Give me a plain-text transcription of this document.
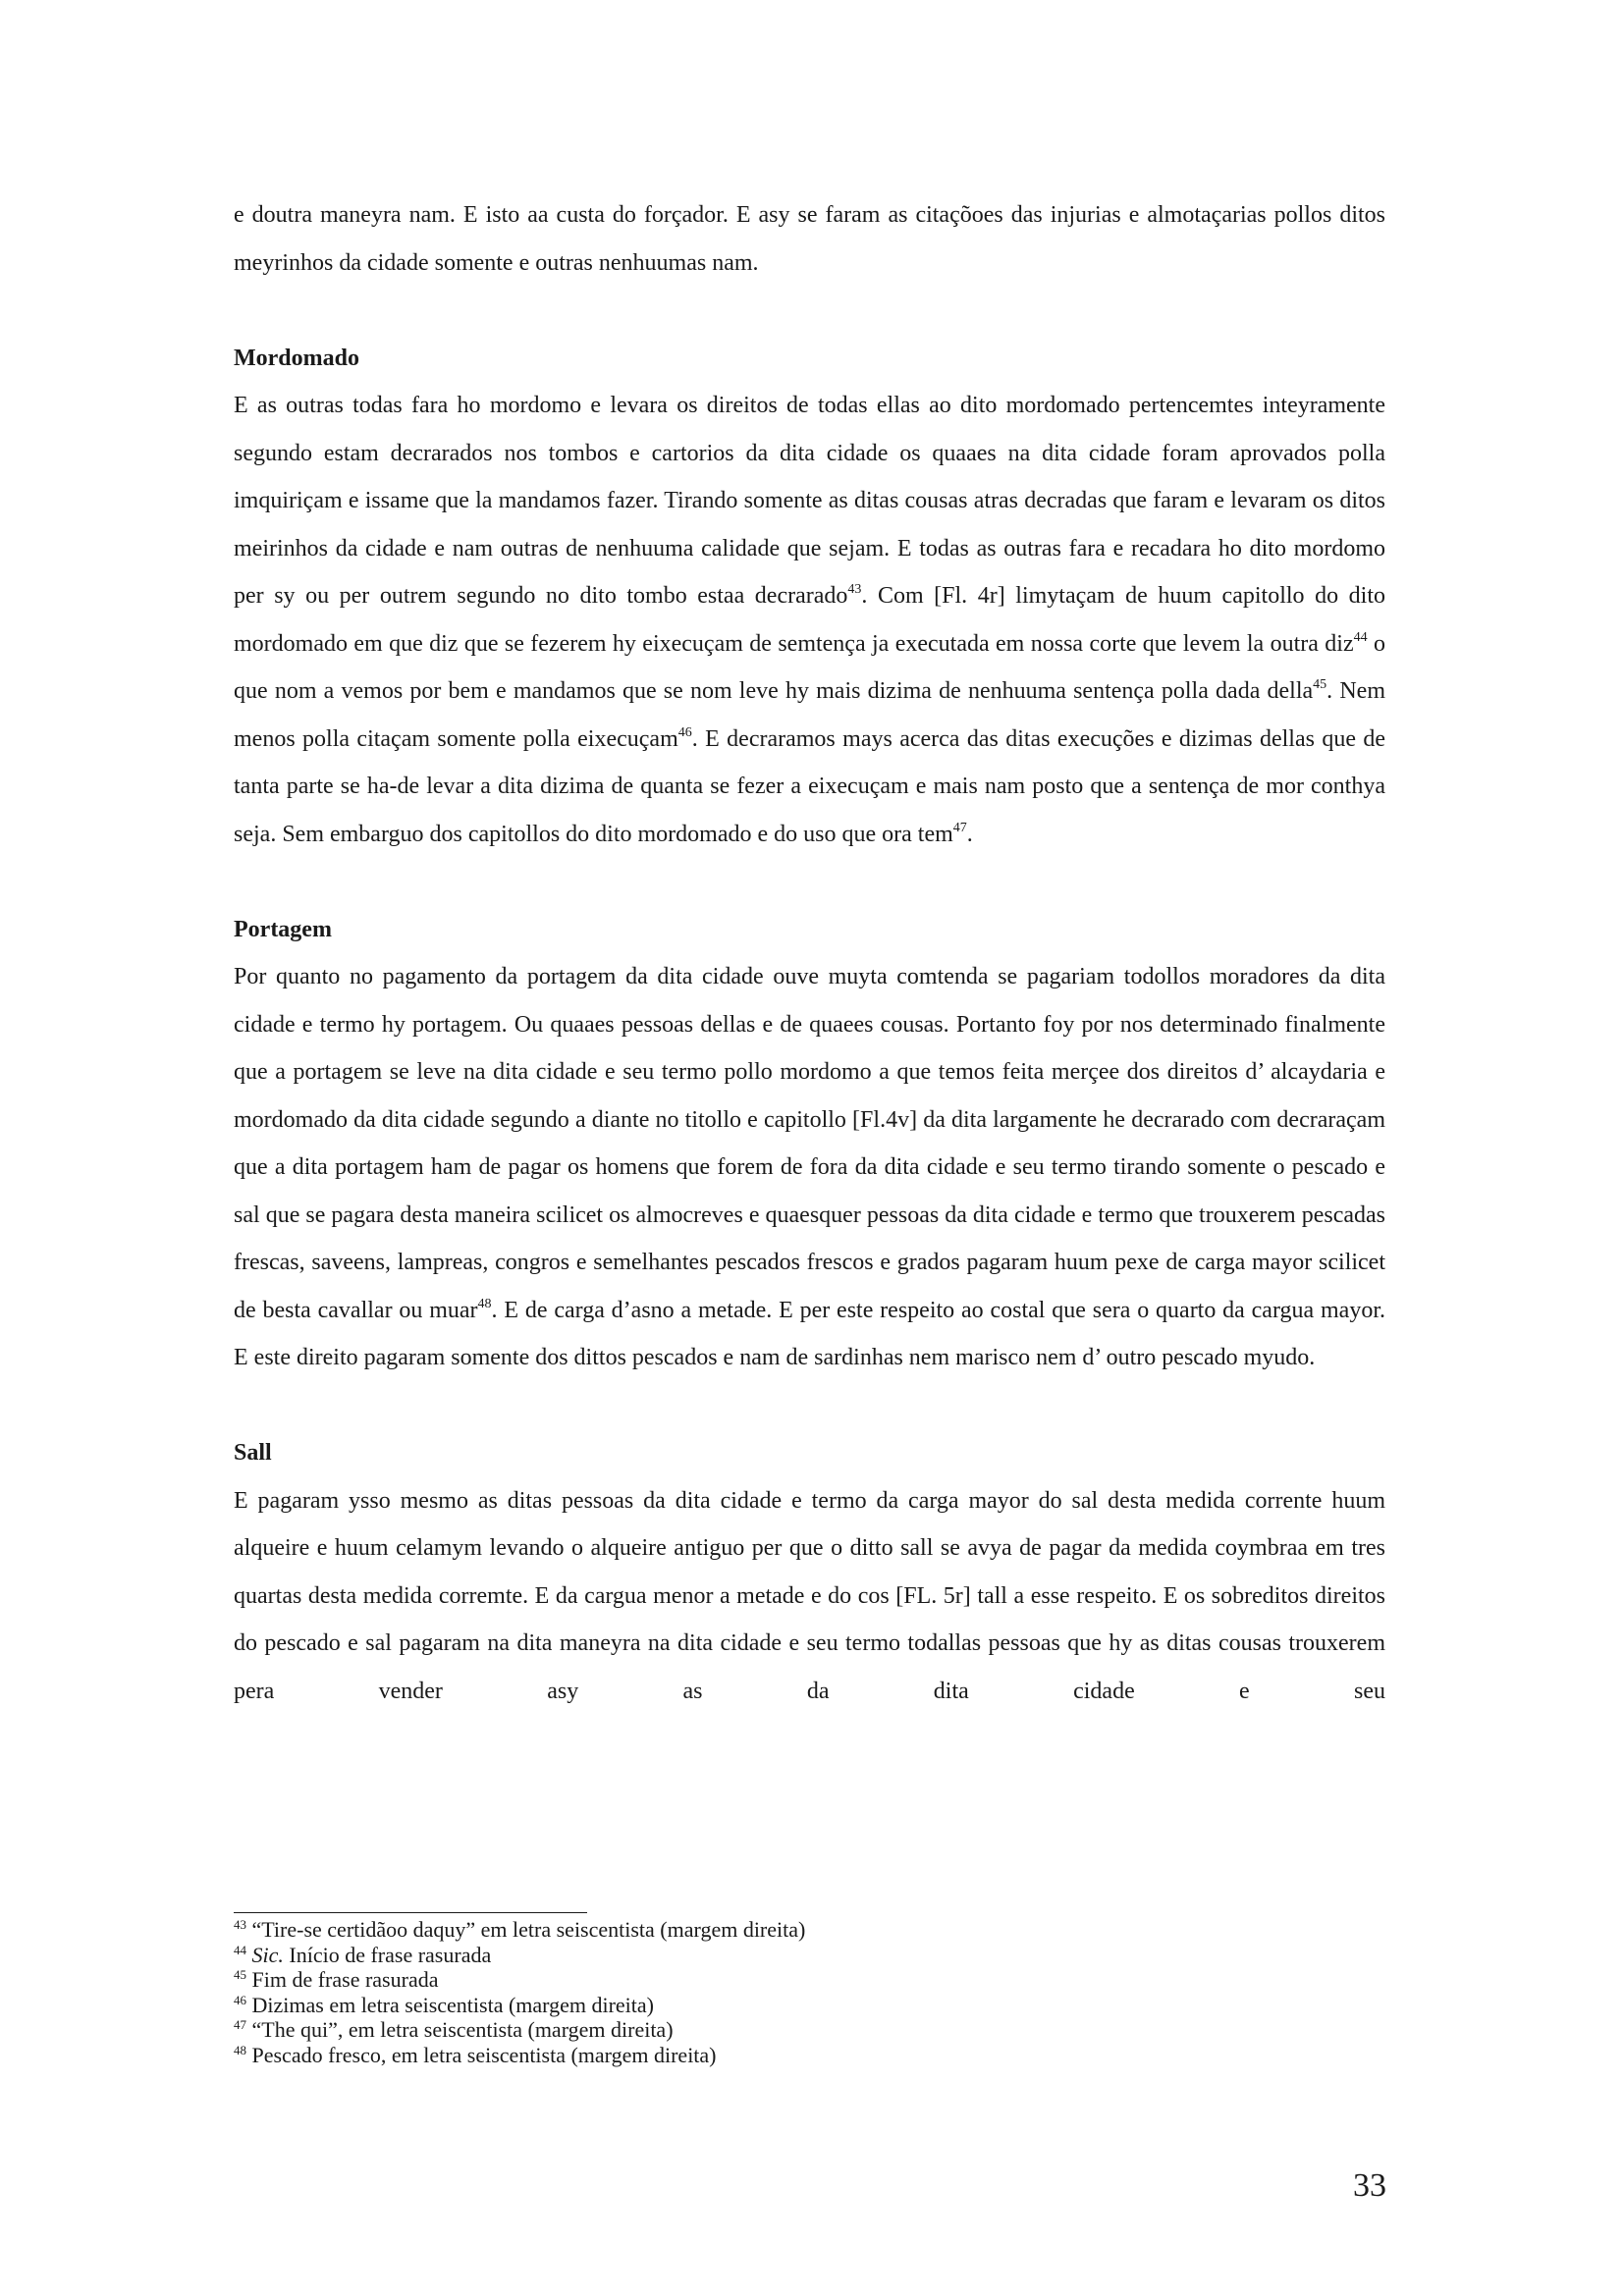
e doutra maneyra nam. E isto aa custa do forçador. E asy se faram as citaçõoes das injurias e almotaçarias pollos ditos meyrinhos da cidade somente e outras nenhuumas nam.

Mordomado

E as outras todas fara ho mordomo e levara os direitos de todas ellas ao dito mordomado pertencemtes inteyramente segundo estam decrarados nos tombos e cartorios da dita cidade os quaaes na dita cidade foram aprovados polla imquiriçam e issame que la mandamos fazer. Tirando somente as ditas cousas atras decradas que faram e levaram os ditos meirinhos da cidade e nam outras de nenhuuma calidade que sejam. E todas as outras fara e recadara ho dito mordomo per sy ou per outrem segundo no dito tombo estaa decrarado$^{43}$. Com [Fl. 4r] limytaçam de huum capitollo do dito mordomado em que diz que se fezerem hy eixecuçam de semtença ja executada em nossa corte que levem la outra diz$^{44}$ o que nom a vemos por bem e mandamos que se nom leve hy mais dizima de nenhuuma sentença polla dada della$^{45}$. Nem menos polla citaçam somente polla eixecuçam$^{46}$. E decraramos mays acerca das ditas execuções e dizimas dellas que de tanta parte se ha-de levar a dita dizima de quanta se fezer a eixecuçam e mais nam posto que a sentença de mor conthya seja. Sem embarguo dos capitollos do dito mordomado e do uso que ora tem$^{47}$.

Portagem

Por quanto no pagamento da portagem da dita cidade ouve muyta comtenda se pagariam todollos moradores da dita cidade e termo hy portagem. Ou quaaes pessoas dellas e de quaees cousas. Portanto foy por nos determinado finalmente que a portagem se leve na dita cidade e seu termo pollo mordomo a que temos feita merçee dos direitos d’ alcaydaria e mordomado da dita cidade segundo a diante no titollo e capitollo [Fl.4v] da dita largamente he decrarado com decraraçam que a dita portagem ham de pagar os homens que forem de fora da dita cidade e seu termo tirando somente o pescado e sal que se pagara desta maneira scilicet os almocreves e quaesquer pessoas da dita cidade e termo que trouxerem pescadas frescas, saveens, lampreas, congros e semelhantes pescados frescos e grados pagaram huum pexe de carga mayor scilicet de besta cavallar ou muar$^{48}$. E de carga d’asno a metade. E per este respeito ao costal que sera o quarto da cargua mayor. E este direito pagaram somente dos dittos pescados e nam de sardinhas nem marisco nem d’ outro pescado myudo.

Sall

E pagaram ysso mesmo as ditas pessoas da dita cidade e termo da carga mayor do sal desta medida corrente huum alqueire e huum celamym levando o alqueire antiguo per que o ditto sall se avya de pagar da medida coymbraa em tres quartas desta medida corremte. E da cargua menor a metade e do cos [FL. 5r] tall a esse respeito. E os sobreditos direitos do pescado e sal pagaram na dita maneyra na dita cidade e seu termo todallas pessoas que hy as ditas cousas trouxerem pera vender asy as da dita cidade e seu

$^{43}$ “Tire-se certidãoo daquy” em letra seiscentista (margem direita)
$^{44}$ Sic. Início de frase rasurada
$^{45}$ Fim de frase rasurada
$^{46}$ Dizimas em letra seiscentista (margem direita)
$^{47}$ “The qui”, em letra seiscentista (margem direita)
$^{48}$ Pescado fresco, em letra seiscentista (margem direita)
33
